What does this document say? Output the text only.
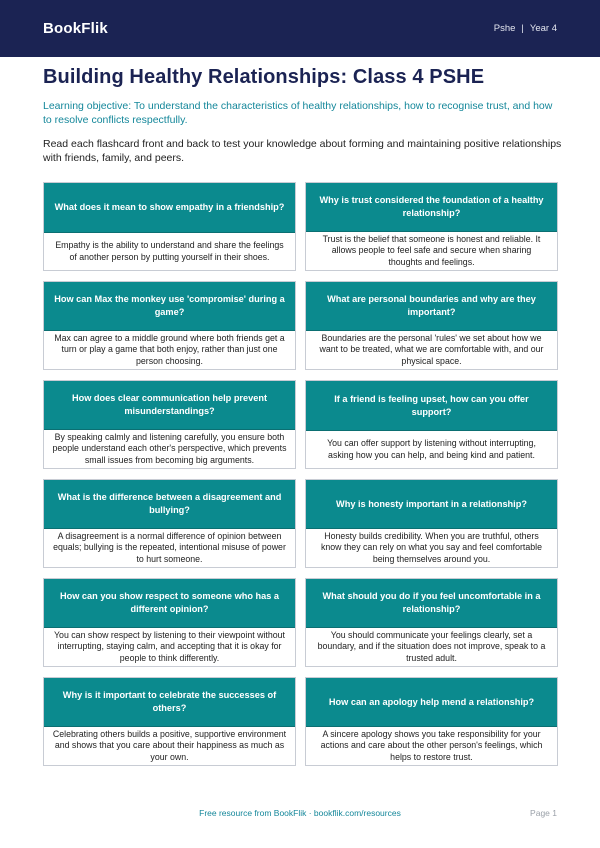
BookFlik	Pshe | Year 4
Building Healthy Relationships: Class 4 PSHE

Learning objective: To understand the characteristics of healthy relationships, how to recognise trust, and how to resolve conflicts respectfully.

Read each flashcard front and back to test your knowledge about forming and maintaining positive relationships with friends, family, and peers.

What does it mean to show empathy in a friendship?
Empathy is the ability to understand and share the feelings of another person by putting yourself in their shoes.
Why is trust considered the foundation of a healthy relationship?
Trust is the belief that someone is honest and reliable. It allows people to feel safe and secure when sharing thoughts and feelings.
How can Max the monkey use 'compromise' during a game?
Max can agree to a middle ground where both friends get a turn or play a game that both enjoy, rather than just one person choosing.
What are personal boundaries and why are they important?
Boundaries are the personal 'rules' we set about how we want to be treated, what we are comfortable with, and our physical space.
How does clear communication help prevent misunderstandings?
By speaking calmly and listening carefully, you ensure both people understand each other's perspective, which prevents small issues from becoming big arguments.
If a friend is feeling upset, how can you offer support?
You can offer support by listening without interrupting, asking how you can help, and being kind and patient.
What is the difference between a disagreement and bullying?
A disagreement is a normal difference of opinion between equals; bullying is the repeated, intentional misuse of power to hurt someone.
Why is honesty important in a relationship?
Honesty builds credibility. When you are truthful, others know they can rely on what you say and feel comfortable being themselves around you.
How can you show respect to someone who has a different opinion?
You can show respect by listening to their viewpoint without interrupting, staying calm, and accepting that it is okay for people to think differently.
What should you do if you feel uncomfortable in a relationship?
You should communicate your feelings clearly, set a boundary, and if the situation does not improve, speak to a trusted adult.
Why is it important to celebrate the successes of others?
Celebrating others builds a positive, supportive environment and shows that you care about their happiness as much as your own.
How can an apology help mend a relationship?
A sincere apology shows you take responsibility for your actions and care about the other person's feelings, which helps to restore trust.
Free resource from BookFlik · bookflik.com/resources	Page 1
